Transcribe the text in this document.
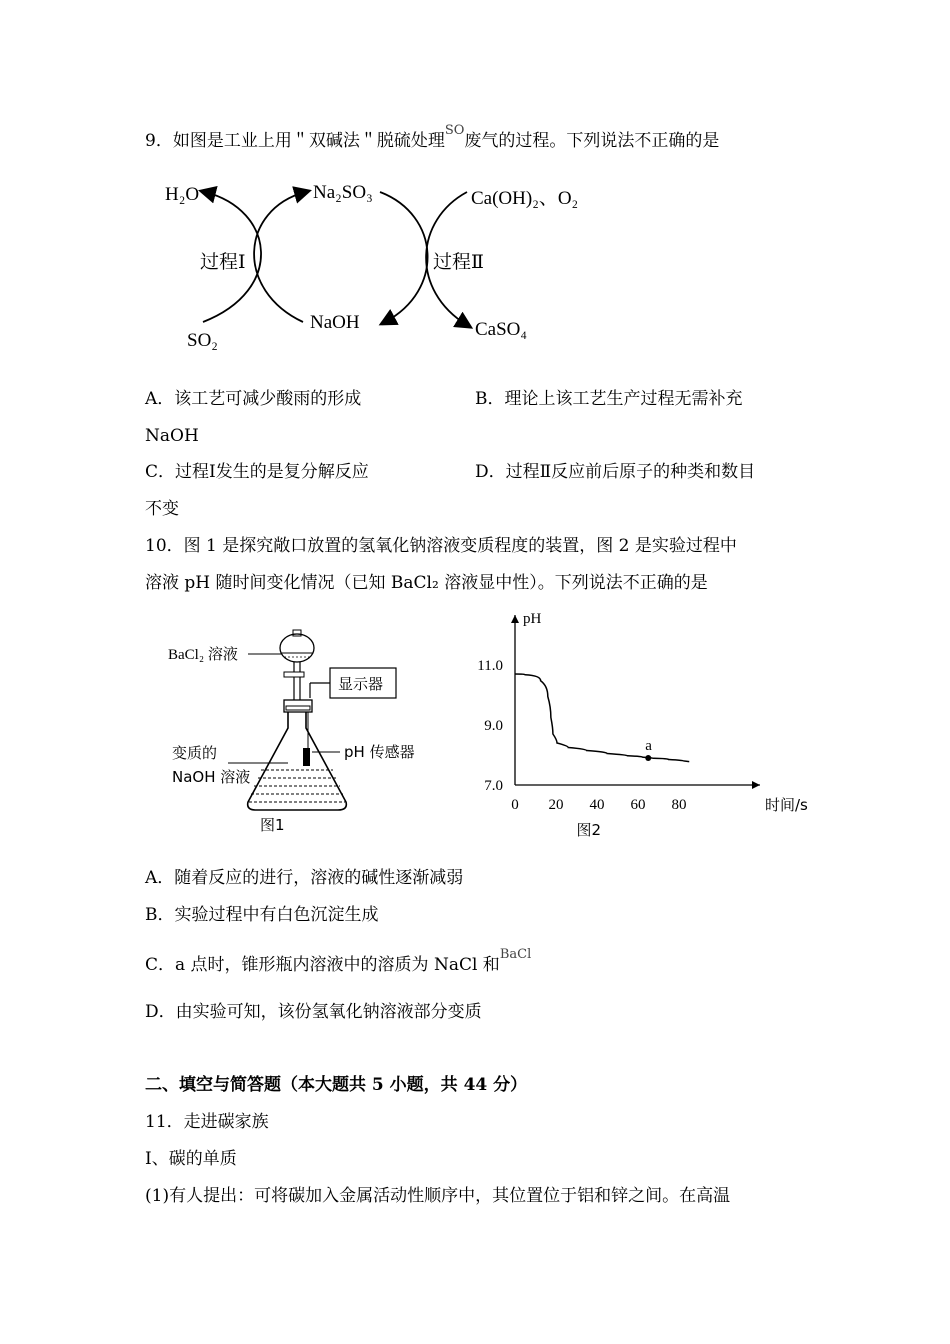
9．如图是工业上用＂双碱法＂脱硫处理$^{SO}$废气的过程。下列说法不正确的是
H₂O	Na₂SO₃	Ca(OH)₂、O₂
过程Ⅰ	过程Ⅱ
SO₂
NaOH	CaSO₄
A．该工艺可减少酸雨的形成	B．理论上该工艺生产过程无需补充
NaOH
C．过程Ⅰ发生的是复分解反应	D．过程Ⅱ反应前后原子的种类和数目
不变
10．图 1 是探究敞口放置的氢氧化钠溶液变质程度的装置，图 2 是实验过程中
溶液 pH 随时间变化情况（已知 BaCl₂ 溶液显中性）。下列说法不正确的是
BaCl₂ 溶液
显示器
pH 传感器
变质的
NaOH 溶液
图1
pH
时间/s
0 20 40 60 80
7.0
9.0
11.0
图2
a
A．随着反应的进行，溶液的碱性逐渐减弱
B．实验过程中有白色沉淀生成
C．a 点时，锥形瓶内溶液中的溶质为 NaCl 和$^{BaCl}$
D．由实验可知，该份氢氧化钠溶液部分变质
二、填空与简答题（本大题共 5 小题，共 44 分）
11．走进碳家族
Ⅰ、碳的单质
(1)有人提出：可将碳加入金属活动性顺序中，其位置位于铝和锌之间。在高温
